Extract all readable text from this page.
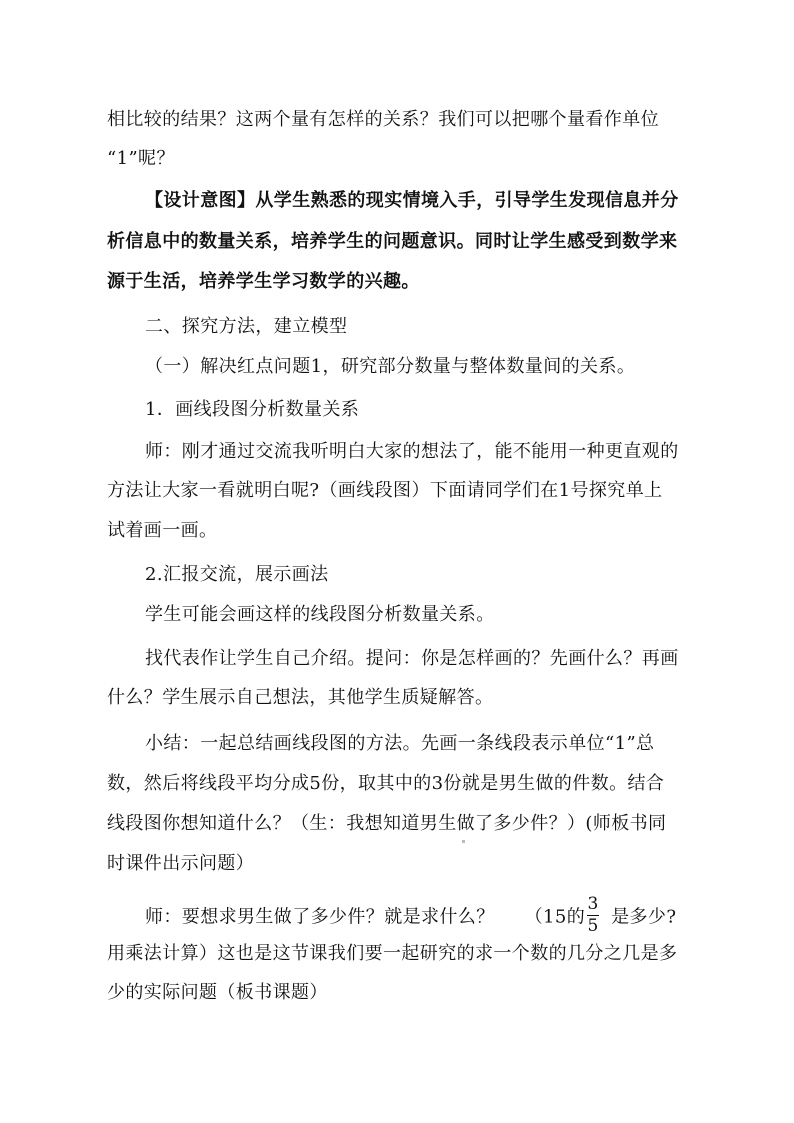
相比较的结果？这两个量有怎样的关系？我们可以把哪个量看作单位
“1”呢？
【设计意图】从学生熟悉的现实情境入手，引导学生发现信息并分
析信息中的数量关系，培养学生的问题意识。同时让学生感受到数学来
源于生活，培养学生学习数学的兴趣。
二、探究方法，建立模型
（一）解决红点问题1，研究部分数量与整体数量间的关系。
1．画线段图分析数量关系
师：刚才通过交流我听明白大家的想法了，能不能用一种更直观的
方法让大家一看就明白呢?（画线段图）下面请同学们在1号探究单上
试着画一画。
2.汇报交流，展示画法
学生可能会画这样的线段图分析数量关系。
找代表作让学生自己介绍。提问：你是怎样画的？先画什么？再画
什么？学生展示自己想法，其他学生质疑解答。
小结：一起总结画线段图的方法。先画一条线段表示单位“1”总
数，然后将线段平均分成5份，取其中的3份就是男生做的件数。结合
线段图你想知道什么？（生：我想知道男生做了多少件？）(师板书同
时课件出示问题）
师：要想求男生做了多少件？就是求什么？ （15的 $\frac{3}{5}$ 是多少?
用乘法计算）这也是这节课我们要一起研究的求一个数的几分之几是多
少的实际问题（板书课题）
